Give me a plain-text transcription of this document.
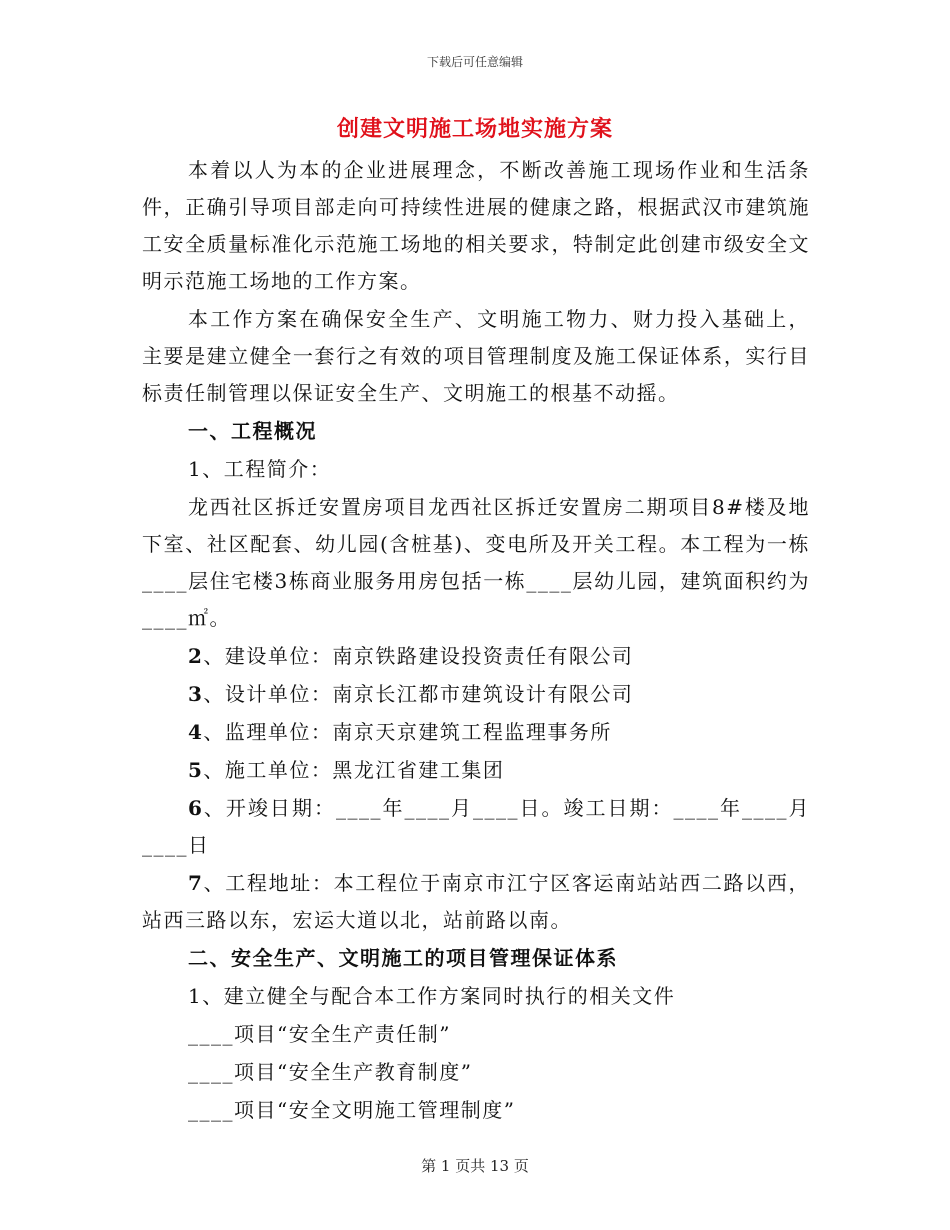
下载后可任意编辑
创建文明施工场地实施方案

本着以人为本的企业进展理念，不断改善施工现场作业和生活条件，正确引导项目部走向可持续性进展的健康之路，根据武汉市建筑施工安全质量标准化示范施工场地的相关要求，特制定此创建市级安全文明示范施工场地的工作方案。

本工作方案在确保安全生产、文明施工物力、财力投入基础上，主要是建立健全一套行之有效的项目管理制度及施工保证体系，实行目标责任制管理以保证安全生产、文明施工的根基不动摇。

一、工程概况

1、工程简介：

龙西社区拆迁安置房项目龙西社区拆迁安置房二期项目8#楼及地下室、社区配套、幼儿园(含桩基)、变电所及开关工程。本工程为一栋____层住宅楼3栋商业服务用房包括一栋____层幼儿园，建筑面积约为____㎡。

2、建设单位：南京铁路建设投资责任有限公司

3、设计单位：南京长江都市建筑设计有限公司

4、监理单位：南京天京建筑工程监理事务所

5、施工单位：黑龙江省建工集团

6、开竣日期：____年____月____日。竣工日期：____年____月____日

7、工程地址：本工程位于南京市江宁区客运南站站西二路以西，站西三路以东，宏运大道以北，站前路以南。

二、安全生产、文明施工的项目管理保证体系

1、建立健全与配合本工作方案同时执行的相关文件

____项目“安全生产责任制”

____项目“安全生产教育制度”

____项目“安全文明施工管理制度”

第 1 页共 13 页
